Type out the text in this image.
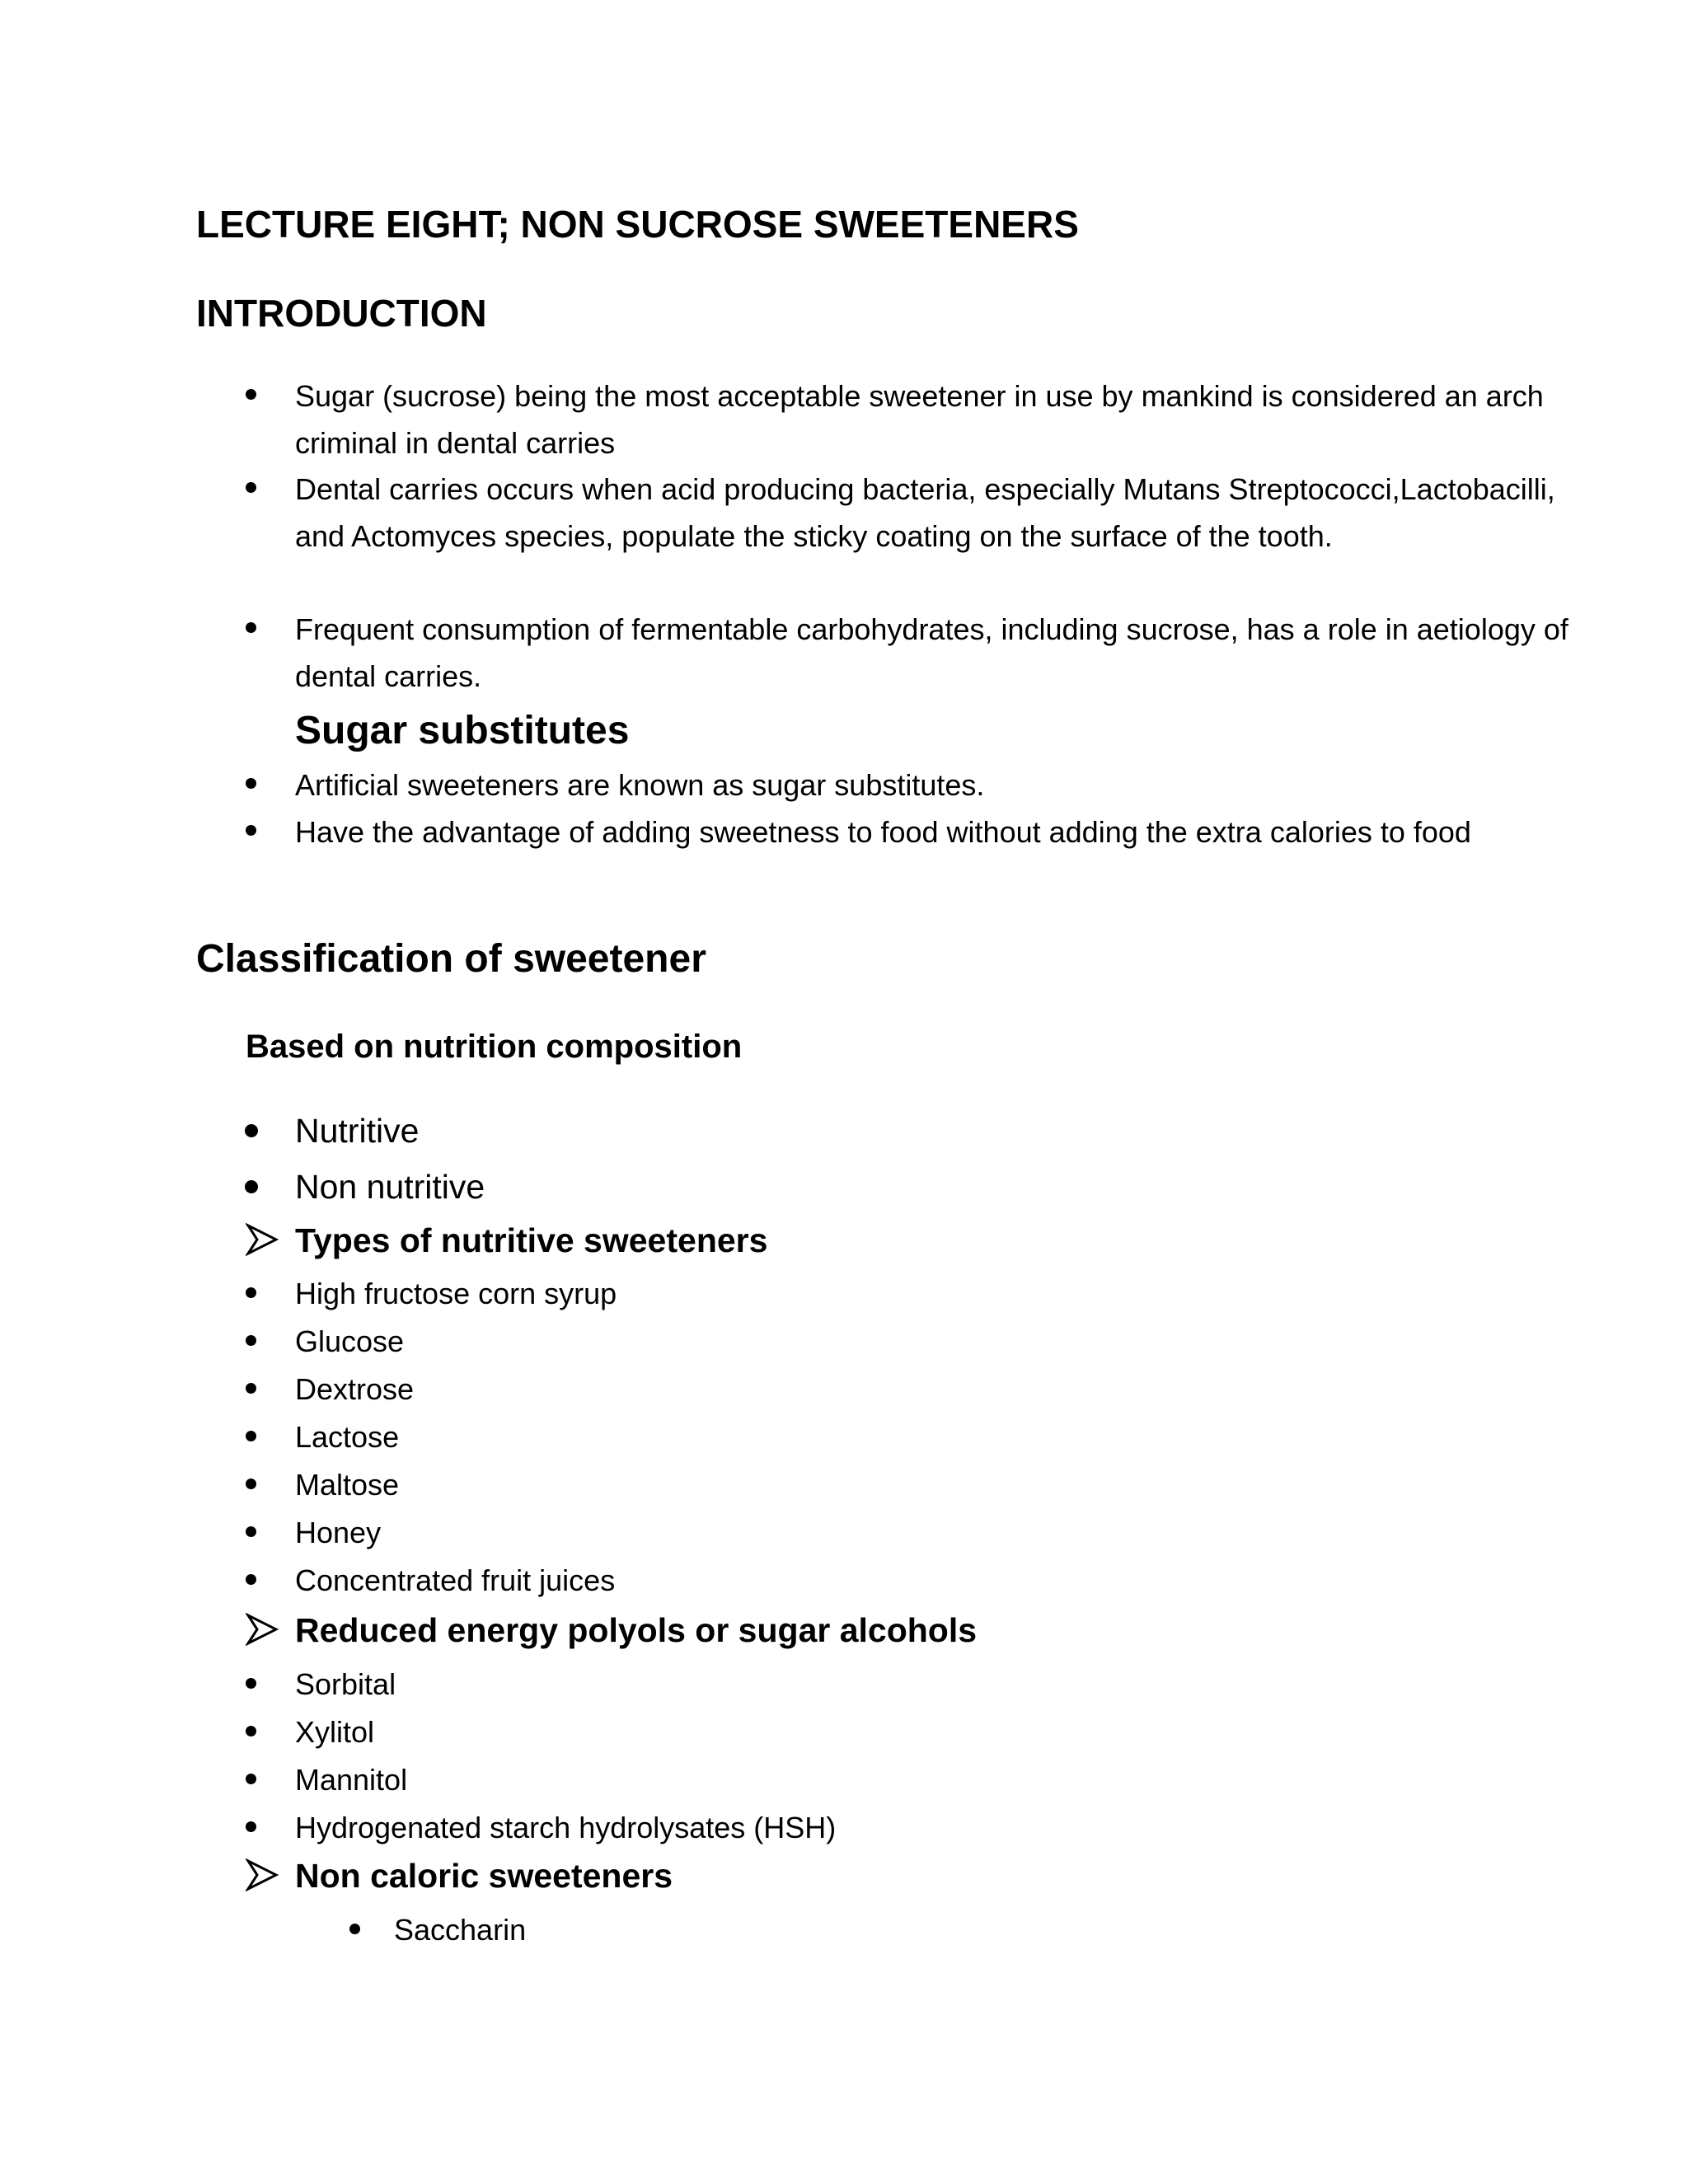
LECTURE EIGHT; NON SUCROSE SWEETENERS
INTRODUCTION
Sugar (sucrose) being the most acceptable sweetener in use by mankind is considered an arch criminal in dental carries
Dental carries occurs when acid producing bacteria, especially Mutans Streptococci,Lactobacilli, and Actomyces species, populate the sticky coating on the surface of the tooth.
Frequent consumption of fermentable carbohydrates, including sucrose, has a role in aetiology of dental carries.
Sugar substitutes
Artificial sweeteners are known as sugar substitutes.
Have the advantage of adding sweetness to food without adding the extra calories to food
Classification of sweetener
Based on nutrition composition
Nutritive
Non nutritive
Types of nutritive sweeteners
High fructose corn syrup
Glucose
Dextrose
Lactose
Maltose
Honey
Concentrated fruit juices
Reduced energy polyols or sugar alcohols
Sorbital
Xylitol
Mannitol
Hydrogenated starch hydrolysates (HSH)
Non caloric sweeteners
Saccharin
